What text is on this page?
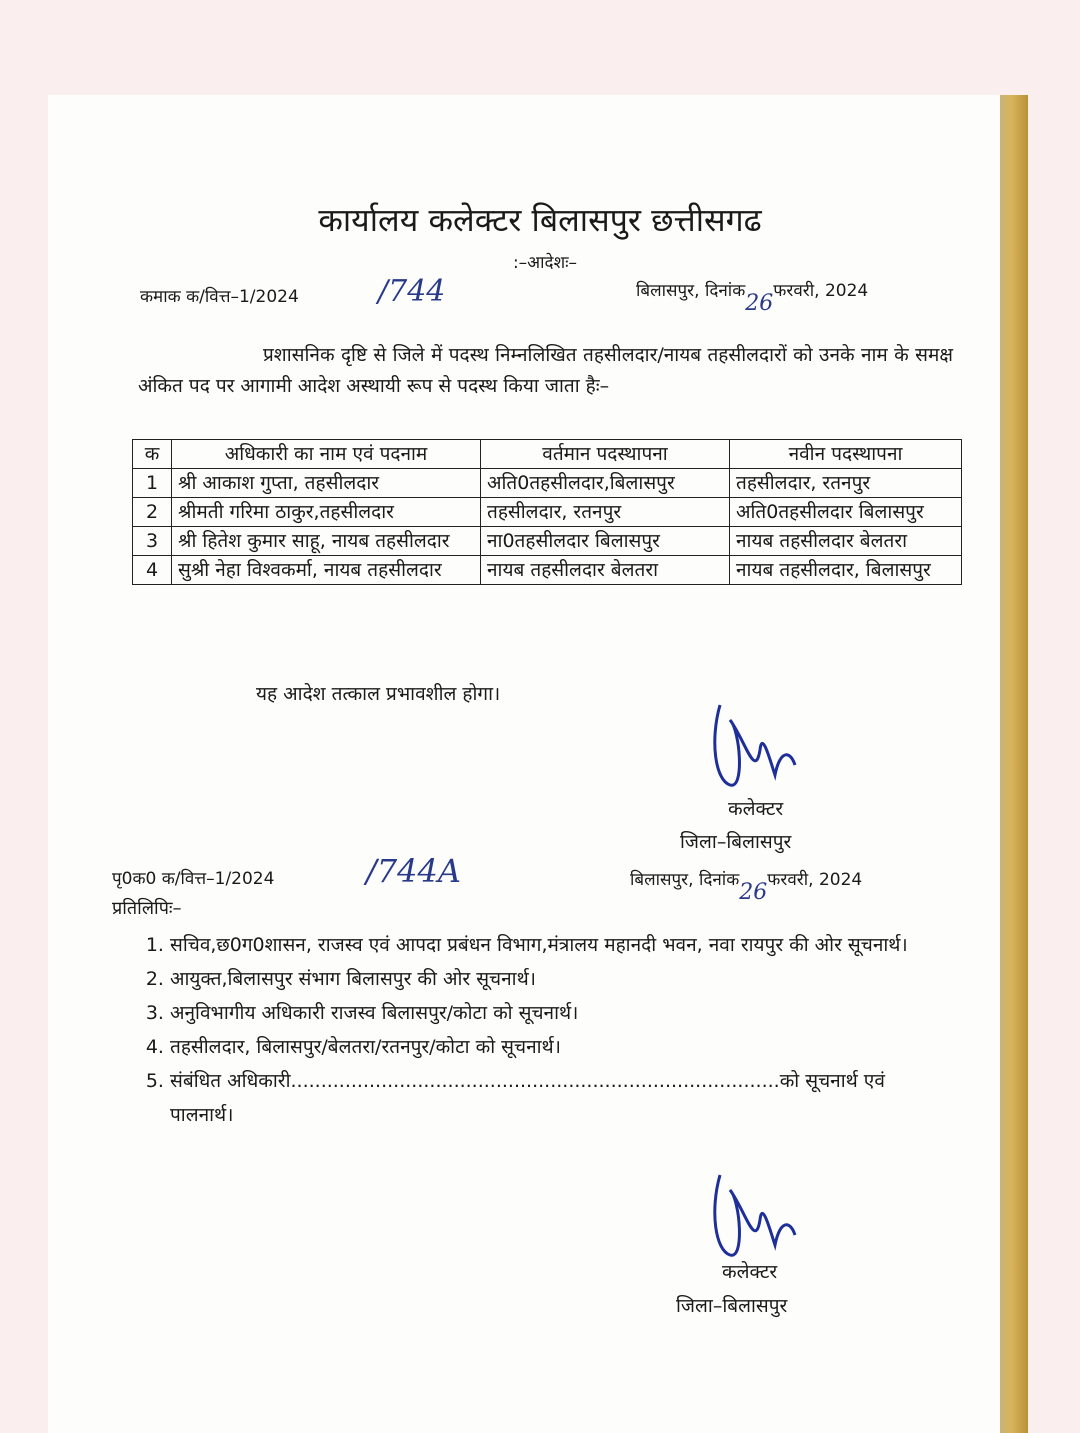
कार्यालय कलेक्टर बिलासपुर छत्तीसगढ
:–आदेशः–
कमाक क/वित्त–1/2024	/744	बिलासपुर, दिनांक26फरवरी, 2024
प्रशासनिक दृष्टि से जिले में पदस्थ निम्नलिखित तहसीलदार/नायब तहसीलदारों को उनके नाम के समक्ष अंकित पद पर आगामी आदेश अस्थायी रूप से पदस्थ किया जाता हैः–
क	अधिकारी का नाम एवं पदनाम	वर्तमान पदस्थापना	नवीन पदस्थापना
1	श्री आकाश गुप्ता, तहसीलदार	अति0तहसीलदार,बिलासपुर	तहसीलदार, रतनपुर
2	श्रीमती गरिमा ठाकुर,तहसीलदार	तहसीलदार, रतनपुर	अति0तहसीलदार बिलासपुर
3	श्री हितेश कुमार साहू, नायब तहसीलदार	ना0तहसीलदार बिलासपुर	नायब तहसीलदार बेलतरा
4	सुश्री नेहा विश्वकर्मा, नायब तहसीलदार	नायब तहसीलदार बेलतरा	नायब तहसीलदार, बिलासपुर
यह आदेश तत्काल प्रभावशील होगा।
कलेक्टर
जिला–बिलासपुर
पृ0क0 क/वित्त–1/2024	/744A	बिलासपुर, दिनांक26फरवरी, 2024
प्रतिलिपिः–
1. सचिव,छ0ग0शासन, राजस्व एवं आपदा प्रबंधन विभाग,मंत्रालय महानदी भवन, नवा रायपुर की ओर सूचनार्थ।
2. आयुक्त,बिलासपुर संभाग बिलासपुर की ओर सूचनार्थ।
3. अनुविभागीय अधिकारी राजस्व बिलासपुर/कोटा को सूचनार्थ।
4. तहसीलदार, बिलासपुर/बेलतरा/रतनपुर/कोटा को सूचनार्थ।
5. संबंधित अधिकारी.................................................................................को सूचनार्थ एवं पालनार्थ।
कलेक्टर
जिला–बिलासपुर
